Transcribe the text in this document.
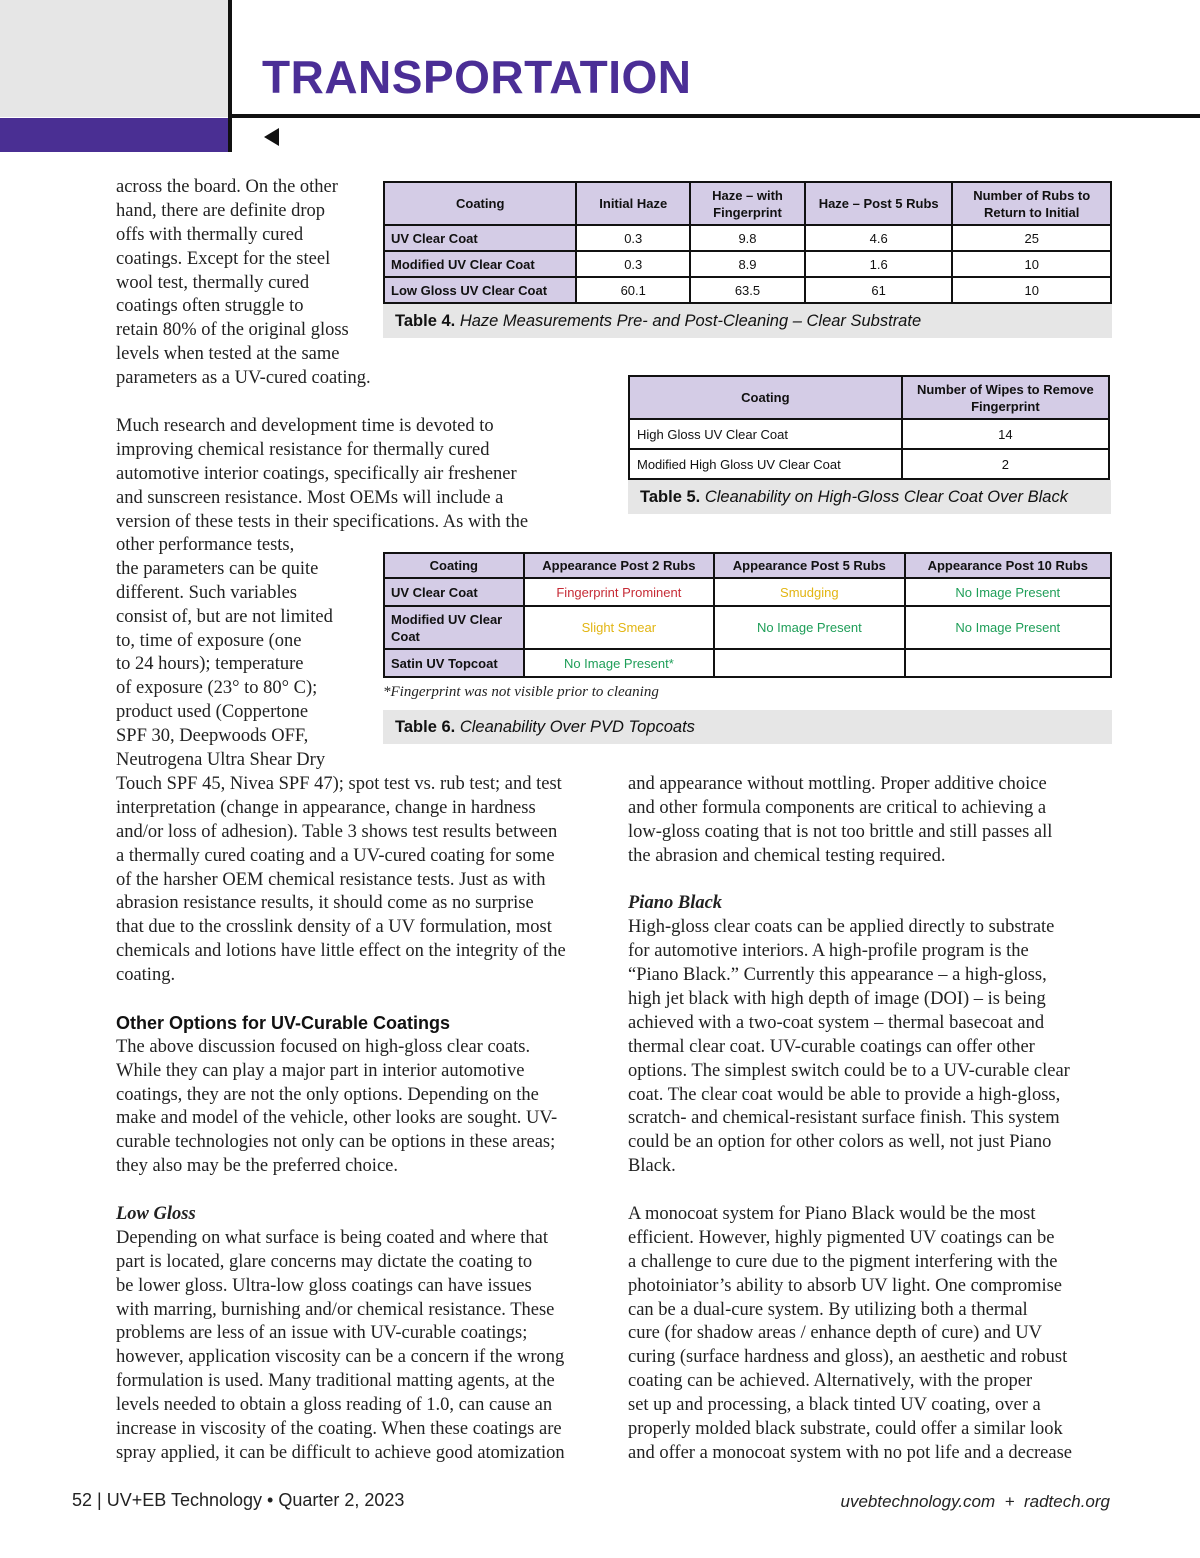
TRANSPORTATION
across the board. On the other
hand, there are definite drop
offs with thermally cured
coatings. Except for the steel
wool test, thermally cured
coatings often struggle to
retain 80% of the original gloss
levels when tested at the same
parameters as a UV-cured coating.
Much research and development time is devoted to
improving chemical resistance for thermally cured
automotive interior coatings, specifically air freshener
and sunscreen resistance. Most OEMs will include a
version of these tests in their specifications. As with the
other performance tests,
the parameters can be quite
different. Such variables
consist of, but are not limited
to, time of exposure (one
to 24 hours); temperature
of exposure (23° to 80° C);
product used (Coppertone
SPF 30, Deepwoods OFF,
Neutrogena Ultra Shear Dry
Touch SPF 45, Nivea SPF 47); spot test vs. rub test; and test
interpretation (change in appearance, change in hardness
and/or loss of adhesion). Table 3 shows test results between
a thermally cured coating and a UV-cured coating for some
of the harsher OEM chemical resistance tests. Just as with
abrasion resistance results, it should come as no surprise
that due to the crosslink density of a UV formulation, most
chemicals and lotions have little effect on the integrity of the
coating.
Other Options for UV-Curable Coatings
The above discussion focused on high-gloss clear coats.
While they can play a major part in interior automotive
coatings, they are not the only options. Depending on the
make and model of the vehicle, other looks are sought. UV-
curable technologies not only can be options in these areas;
they also may be the preferred choice.
Low Gloss
Depending on what surface is being coated and where that
part is located, glare concerns may dictate the coating to
be lower gloss. Ultra-low gloss coatings can have issues
with marring, burnishing and/or chemical resistance. These
problems are less of an issue with UV-curable coatings;
however, application viscosity can be a concern if the wrong
formulation is used. Many traditional matting agents, at the
levels needed to obtain a gloss reading of 1.0, can cause an
increase in viscosity of the coating. When these coatings are
spray applied, it can be difficult to achieve good atomization
and appearance without mottling. Proper additive choice
and other formula components are critical to achieving a
low-gloss coating that is not too brittle and still passes all
the abrasion and chemical testing required.
Piano Black
High-gloss clear coats can be applied directly to substrate
for automotive interiors. A high-profile program is the
“Piano Black.” Currently this appearance – a high-gloss,
high jet black with high depth of image (DOI) – is being
achieved with a two-coat system – thermal basecoat and
thermal clear coat. UV-curable coatings can offer other
options. The simplest switch could be to a UV-curable clear
coat. The clear coat would be able to provide a high-gloss,
scratch- and chemical-resistant surface finish. This system
could be an option for other colors as well, not just Piano
Black.
A monocoat system for Piano Black would be the most
efficient. However, highly pigmented UV coatings can be
a challenge to cure due to the pigment interfering with the
photoiniator’s ability to absorb UV light. One compromise
can be a dual-cure system. By utilizing both a thermal
cure (for shadow areas / enhance depth of cure) and UV
curing (surface hardness and gloss), an aesthetic and robust
coating can be achieved. Alternatively, with the proper
set up and processing, a black tinted UV coating, over a
properly molded black substrate, could offer a similar look
and offer a monocoat system with no pot life and a decrease
Coating	Initial Haze	Haze – with Fingerprint	Haze – Post 5 Rubs	Number of Rubs to Return to Initial
UV Clear Coat	0.3	9.8	4.6	25
Modified UV Clear Coat	0.3	8.9	1.6	10
Low Gloss UV Clear Coat	60.1	63.5	61	10
Table 4. Haze Measurements Pre- and Post-Cleaning – Clear Substrate
Coating	Number of Wipes to Remove Fingerprint
High Gloss UV Clear Coat	14
Modified High Gloss UV Clear Coat	2
Table 5. Cleanability on High-Gloss Clear Coat Over Black
Coating	Appearance Post 2 Rubs	Appearance Post 5 Rubs	Appearance Post 10 Rubs
UV Clear Coat	Fingerprint Prominent	Smudging	No Image Present
Modified UV Clear Coat	Slight Smear	No Image Present	No Image Present
Satin UV Topcoat	No Image Present*		
*Fingerprint was not visible prior to cleaning
Table 6. Cleanability Over PVD Topcoats
52 | UV+EB Technology • Quarter 2, 2023	uvebtechnology.com  +  radtech.org
